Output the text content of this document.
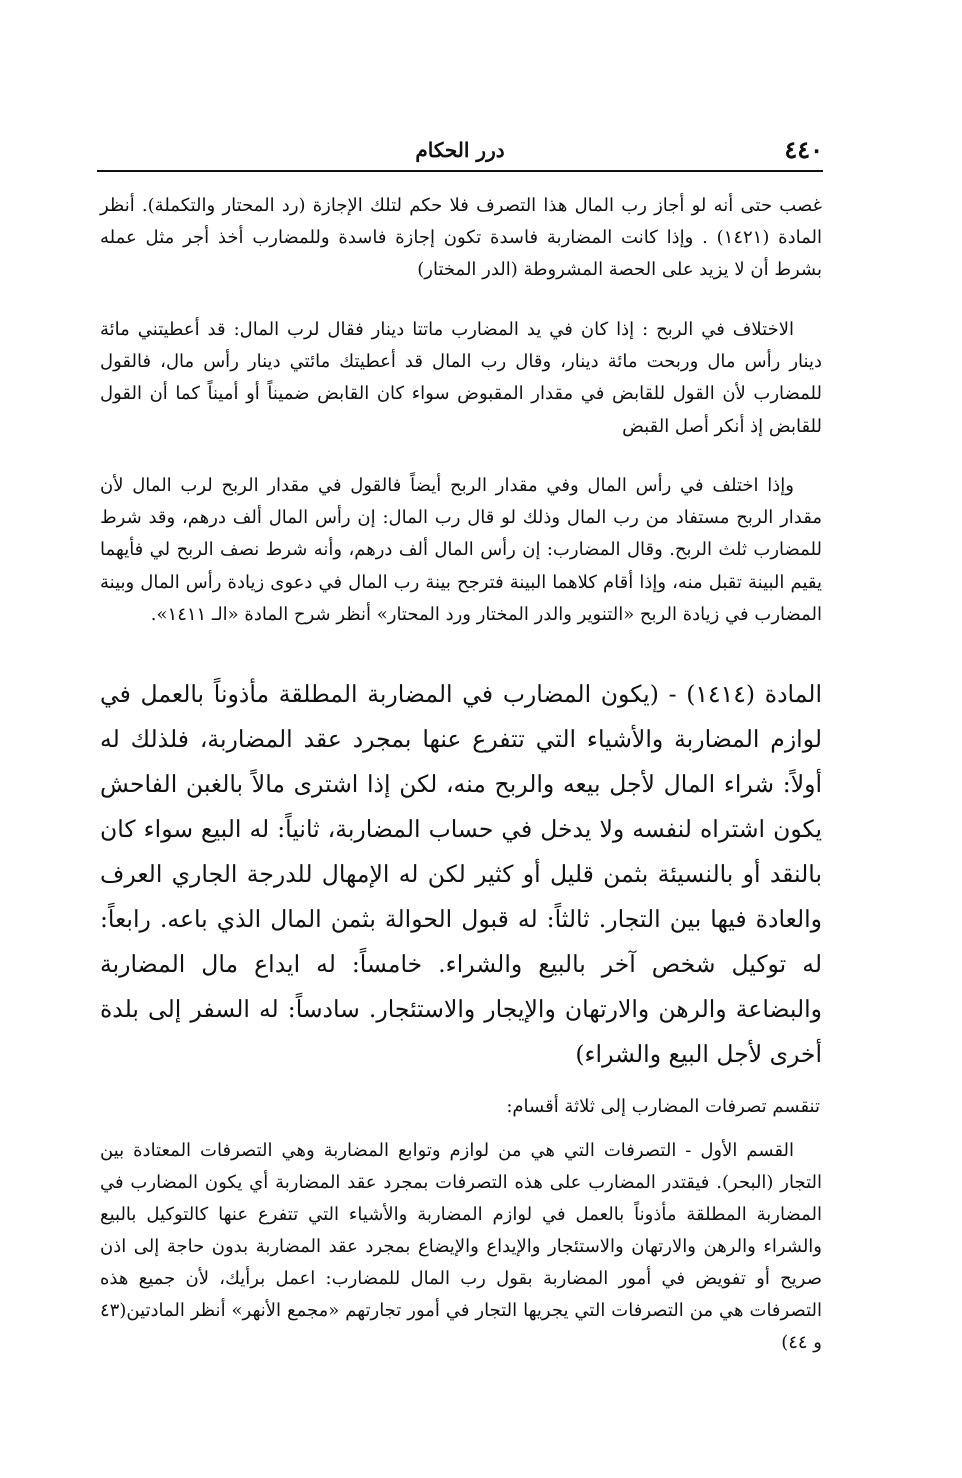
٤٤٠
درر الحكام

غصب حتى أنه لو أجاز رب المال هذا التصرف فلا حكم لتلك الإجازة (رد المحتار والتكملة). أنظر المادة (١٤٢١) . وإذا كانت المضاربة فاسدة تكون إجازة فاسدة وللمضارب أخذ أجر مثل عمله بشرط أن لا يزيد على الحصة المشروطة (الدر المختار)

الاختلاف في الربح : إذا كان في يد المضارب ماتتا دينار فقال لرب المال: قد أعطيتني مائة دينار رأس مال وربحت مائة دينار، وقال رب المال قد أعطيتك مائتي دينار رأس مال، فالقول للمضارب لأن القول للقابض في مقدار المقبوض سواء كان القابض ضميناً أو أميناً كما أن القول للقابض إذ أنكر أصل القبض

وإذا اختلف في رأس المال وفي مقدار الربح أيضاً فالقول في مقدار الربح لرب المال لأن مقدار الربح مستفاد من رب المال وذلك لو قال رب المال: إن رأس المال ألف درهم، وقد شرط للمضارب ثلث الربح. وقال المضارب: إن رأس المال ألف درهم، وأنه شرط نصف الربح لي فأيهما يقيم البينة تقبل منه، وإذا أقام كلاهما البينة فترجح بينة رب المال في دعوى زيادة رأس المال وبينة المضارب في زيادة الربح «التنوير والدر المختار ورد المحتار» أنظر شرح المادة «الـ ١٤١١».

المادة (١٤١٤) - (يكون المضارب في المضاربة المطلقة مأذوناً بالعمل في لوازم المضاربة والأشياء التي تتفرع عنها بمجرد عقد المضاربة، فلذلك له أولاً: شراء المال لأجل بيعه والربح منه، لكن إذا اشترى مالاً بالغبن الفاحش يكون اشتراه لنفسه ولا يدخل في حساب المضاربة، ثانياً: له البيع سواء كان بالنقد أو بالنسيئة بثمن قليل أو كثير لكن له الإمهال للدرجة الجاري العرف والعادة فيها بين التجار. ثالثاً: له قبول الحوالة بثمن المال الذي باعه. رابعاً: له توكيل شخص آخر بالبيع والشراء. خامساً: له ايداع مال المضاربة والبضاعة والرهن والارتهان والإيجار والاستئجار. سادساً: له السفر إلى بلدة أخرى لأجل البيع والشراء)

تنقسم تصرفات المضارب إلى ثلاثة أقسام:

القسم الأول - التصرفات التي هي من لوازم وتوابع المضاربة وهي التصرفات المعتادة بين التجار (البحر). فيقتدر المضارب على هذه التصرفات بمجرد عقد المضاربة أي يكون المضارب في المضاربة المطلقة مأذوناً بالعمل في لوازم المضاربة والأشياء التي تتفرع عنها كالتوكيل بالبيع والشراء والرهن والارتهان والاستئجار والإيداع والإيضاع بمجرد عقد المضاربة بدون حاجة إلى اذن صريح أو تفويض في أمور المضاربة بقول رب المال للمضارب: اعمل برأيك، لأن جميع هذه التصرفات هي من التصرفات التي يجريها التجار في أمور تجارتهم «مجمع الأنهر» أنظر المادتين(٤٣ و ٤٤)
